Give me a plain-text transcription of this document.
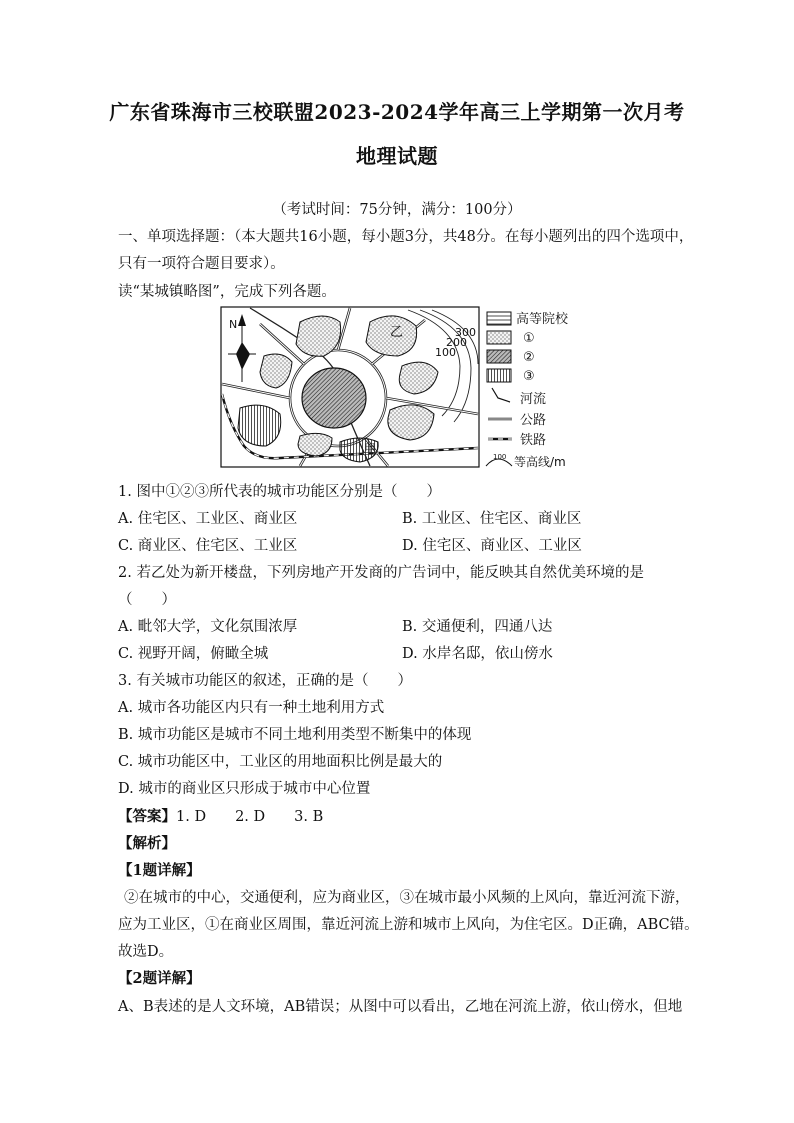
广东省珠海市三校联盟2023-2024学年高三上学期第一次月考
地理试题
（考试时间：75分钟，满分：100分）
一、单项选择题：（本大题共16小题，每小题3分，共48分。在每小题列出的四个选项中，
只有一项符合题目要求）。
读“某城镇略图”，完成下列各题。
300
200
100
乙
甲
N	高等院校
①
②
③
河流
公路
铁路
100 等高线/m
1. 图中①②③所代表的城市功能区分别是（　　）
A. 住宅区、工业区、商业区	B. 工业区、住宅区、商业区
C. 商业区、住宅区、工业区	D. 住宅区、商业区、工业区
2. 若乙处为新开楼盘，下列房地产开发商的广告词中，能反映其自然优美环境的是
（　　）
A. 毗邻大学，文化氛围浓厚	B. 交通便利，四通八达
C. 视野开阔，俯瞰全城	D. 水岸名邸，依山傍水
3. 有关城市功能区的叙述，正确的是（　　）
A. 城市各功能区内只有一种土地利用方式
B. 城市功能区是城市不同土地利用类型不断集中的体现
C. 城市功能区中，工业区的用地面积比例是最大的
D. 城市的商业区只形成于城市中心位置
【答案】1. D　　2. D　　3. B
【解析】
【1题详解】
②在城市的中心，交通便利，应为商业区，③在城市最小风频的上风向，靠近河流下游，
应为工业区，①在商业区周围，靠近河流上游和城市上风向，为住宅区。D正确，ABC错。
故选D。
【2题详解】
A、B表述的是人文环境，AB错误；从图中可以看出，乙地在河流上游，依山傍水，但地
